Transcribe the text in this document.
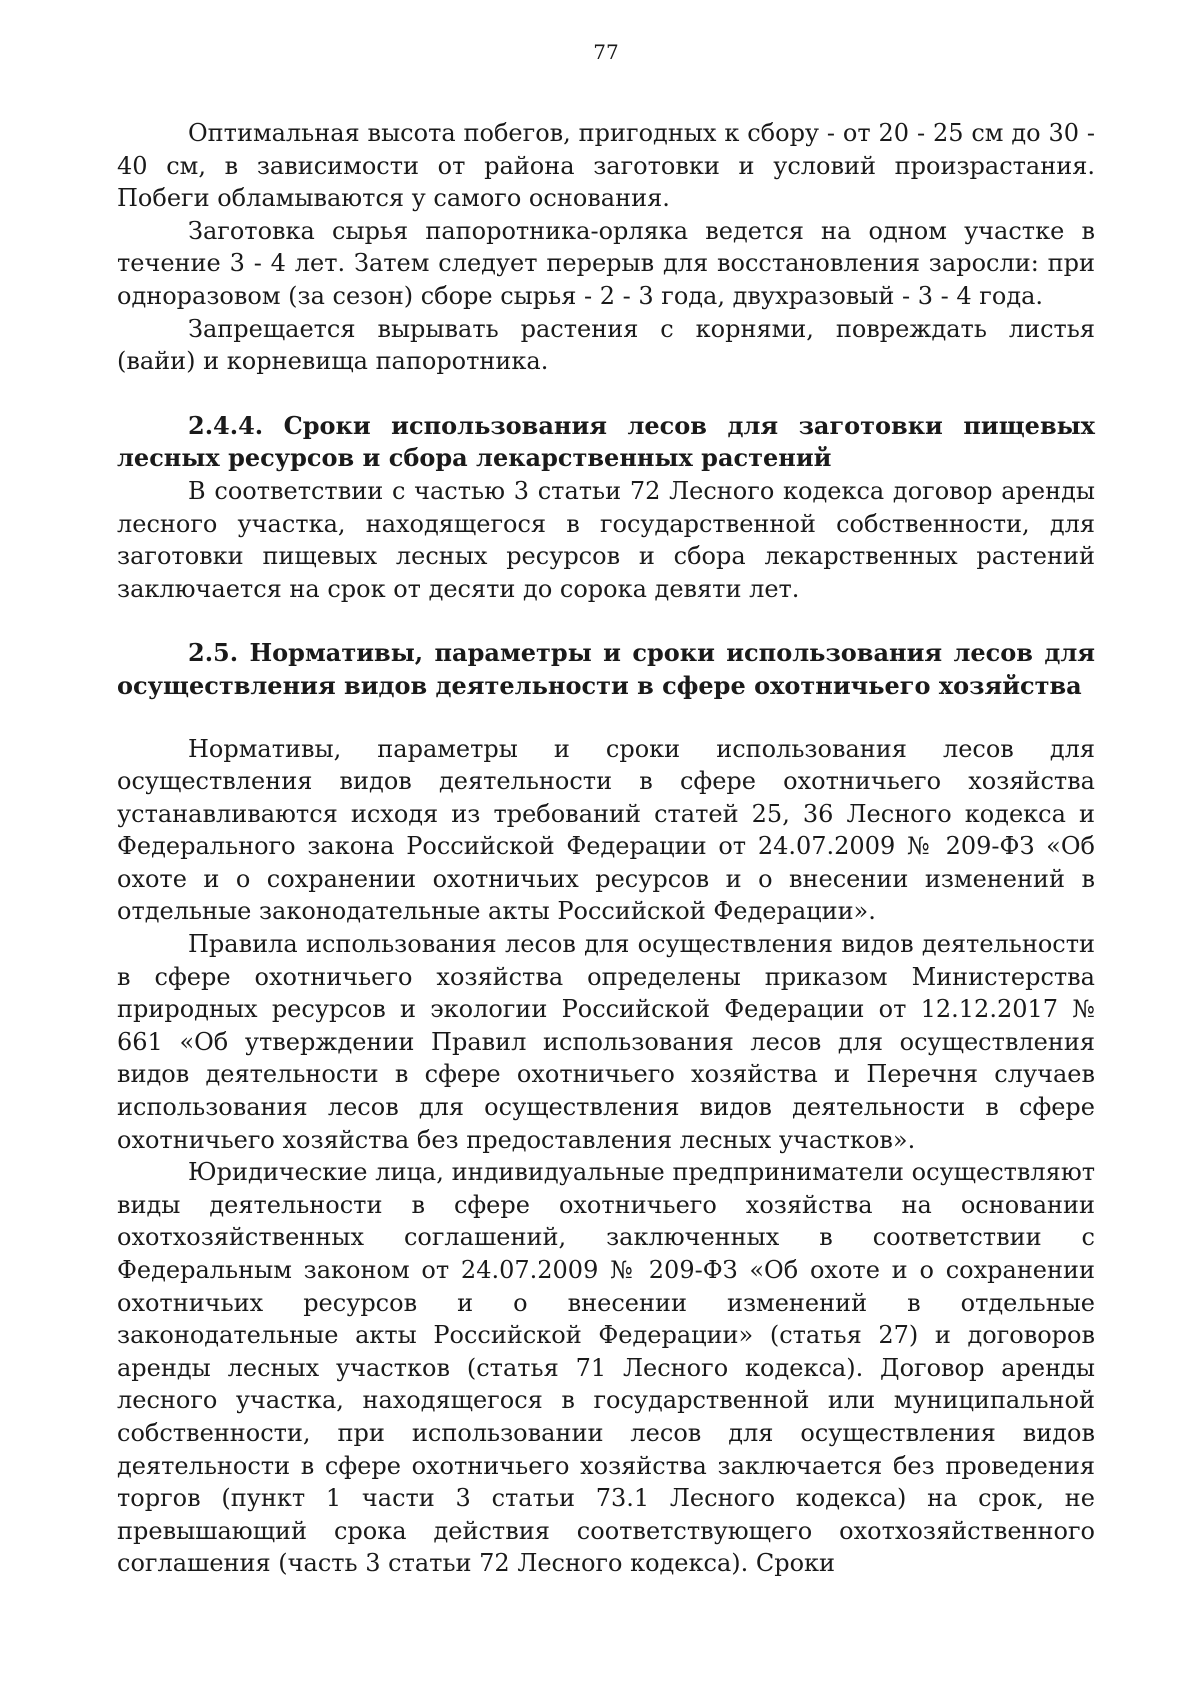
77

Оптимальная высота побегов, пригодных к сбору - от 20 - 25 см до 30 - 40 см, в зависимости от района заготовки и условий произрастания. Побеги обламываются у самого основания.

Заготовка сырья папоротника-орляка ведется на одном участке в течение 3 - 4 лет. Затем следует перерыв для восстановления заросли: при одноразовом (за сезон) сборе сырья - 2 - 3 года, двухразовый - 3 - 4 года.

Запрещается вырывать растения с корнями, повреждать листья (вайи) и корневища папоротника.

2.4.4. Сроки использования лесов для заготовки пищевых лесных ресурсов и сбора лекарственных растений

В соответствии с частью 3 статьи 72 Лесного кодекса договор аренды лесного участка, находящегося в государственной собственности, для заготовки пищевых лесных ресурсов и сбора лекарственных растений заключается на срок от десяти до сорока девяти лет.

2.5. Нормативы, параметры и сроки использования лесов для осуществления видов деятельности в сфере охотничьего хозяйства

Нормативы, параметры и сроки использования лесов для осуществления видов деятельности в сфере охотничьего хозяйства устанавливаются исходя из требований статей 25, 36 Лесного кодекса и Федерального закона Российской Федерации от 24.07.2009 № 209-ФЗ «Об охоте и о сохранении охотничьих ресурсов и о внесении изменений в отдельные законодательные акты Российской Федерации».

Правила использования лесов для осуществления видов деятельности в сфере охотничьего хозяйства определены приказом Министерства природных ресурсов и экологии Российской Федерации от 12.12.2017 № 661 «Об утверждении Правил использования лесов для осуществления видов деятельности в сфере охотничьего хозяйства и Перечня случаев использования лесов для осуществления видов деятельности в сфере охотничьего хозяйства без предоставления лесных участков».

Юридические лица, индивидуальные предприниматели осуществляют виды деятельности в сфере охотничьего хозяйства на основании охотхозяйственных соглашений, заключенных в соответствии с Федеральным законом от 24.07.2009 № 209-ФЗ «Об охоте и о сохранении охотничьих ресурсов и о внесении изменений в отдельные законодательные акты Российской Федерации» (статья 27) и договоров аренды лесных участков (статья 71 Лесного кодекса). Договор аренды лесного участка, находящегося в государственной или муниципальной собственности, при использовании лесов для осуществления видов деятельности в сфере охотничьего хозяйства заключается без проведения торгов (пункт 1 части 3 статьи 73.1 Лесного кодекса) на срок, не превышающий срока действия соответствующего охотхозяйственного соглашения (часть 3 статьи 72 Лесного кодекса). Сроки
